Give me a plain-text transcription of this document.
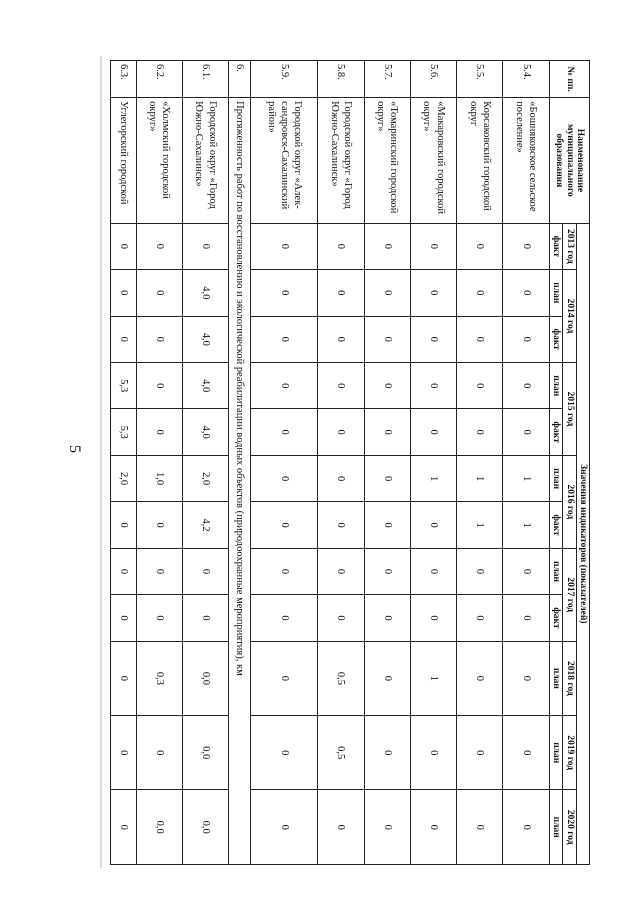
5
№ пп.	Наименование муниципального образования	Значения индикаторов (показателей)											
		2013 год	2014 год		2015 год		2016 год		2017 год		2018 год	2019 год	2020 год
		факт	план	факт	план	факт	план	факт	план	факт	план	план	план
5.4.	«Бошняковское сельское поселение»	0	0	0	0	0	1	1	0	0	0	0	0
5.5.	Корсаковский городской округ	0	0	0	0	0	1	1	0	0	0	0	0
5.6.	«Макаровский городской округ»	0	0	0	0	0	1	0	0	0	1	0	0
5.7.	«Томаринский городской округ»	0	0	0	0	0	0	0	0	0	0	0	0
5.8.	Городской округ «Город Южно-Сахалинск»	0	0	0	0	0	0	0	0	0	0,5	0,5	0
5.9.	Городской округ «Алек-сандровск-Сахалинский район»	0	0	0	0	0	0	0	0	0	0	0	0
6.	Протяженность работ по восстановлению и экологической реабилитации водных объектов (природоохранные мероприятия), км												
6.1.	Городской округ «Город Южно-Сахалинск»	0	4,0	4,0	4,0	4,0	2,0	4,2	0	0	0,0	0,0	0,0
6.2.	«Холмский городской округ»	0	0	0	0	0	1,0	0	0	0	0,3	0	0,0
6.3.	Углегорский городской	0	0	0	5,3	5,3	2,0	0	0	0	0	0	0
